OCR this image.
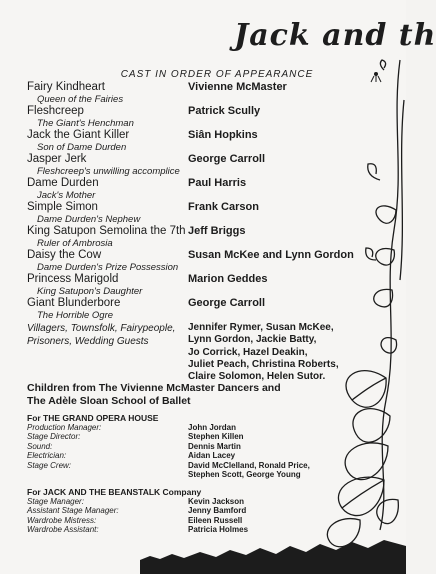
Jack and th
CAST IN ORDER OF APPEARANCE
Fairy Kindheart
Queen of the Fairies
Vivienne McMaster
Fleshcreep
The Giant's Henchman
Patrick Scully
Jack the Giant Killer
Son of Dame Durden
Siân Hopkins
Jasper Jerk
Fleshcreep's unwilling accomplice
George Carroll
Dame Durden
Jack's Mother
Paul Harris
Simple Simon
Dame Durden's Nephew
Frank Carson
King Satupon Semolina the 7th
Ruler of Ambrosia
Jeff Briggs
Daisy the Cow
Dame Durden's Prize Possession
Susan McKee and Lynn Gordon
Princess Marigold
King Satupon's Daughter
Marion Geddes
Giant Blunderbore
The Horrible Ogre
George Carroll
Villagers, Townsfolk, Fairypeople,
Prisoners, Wedding Guests
Jennifer Rymer, Susan McKee,
Lynn Gordon, Jackie Batty,
Jo Corrick, Hazel Deakin,
Juliet Peach, Christina Roberts,
Claire Solomon, Helen Sutor.
Children from The Vivienne McMaster Dancers and
The Adèle Sloan School of Ballet
For THE GRAND OPERA HOUSE
Production Manager:
Stage Director:
Sound:
Electrician:
Stage Crew:
John Jordan
Stephen Killen
Dennis Martin
Aidan Lacey
David McClelland, Ronald Price,
Stephen Scott, George Young
For JACK AND THE BEANSTALK Company
Stage Manager:
Assistant Stage Manager:
Wardrobe Mistress:
Wardrobe Assistant:
Kevin Jackson
Jenny Bamford
Eileen Russell
Patricia Holmes
